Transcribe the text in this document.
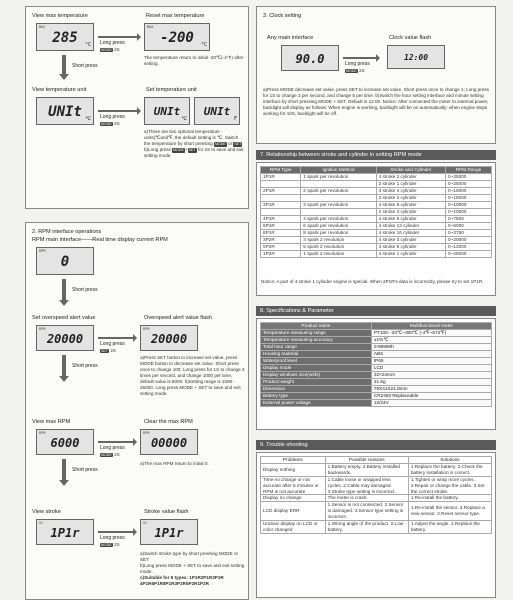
View max temperature	Reset max temperature
MAX
285	°C Long press
MODE 2S
MAX
-200	°C
The temperature return to initial -20℃(-4°F) after setting.
Short press
View temperature unit	Set temperature unit
UNIt ℃ Long press
MODE 2S
UNIt
℃
UNIt
F
a)There are two optional temperature units(℃and℉, the default setting is ℃. Switch the temperature by short pressing MODE or SET
b)Long press MODE+SET for 2S to save and exit setting mode.
2. RPM interface operations
RPM main interface——Real time display current RPM
RPM
0
Short press
Set overspeed alert value	Overspeed alert value flash
RPM
20000	Long press
SET 2S
RPM
20000
a)Press SET button to increase set value, press MODE button to decrease set value. Short press once to change 100; Long press for 1S to change 3 times per second, and change 1000 per time, default value is 6000. b)Setting range is 1000-25000. Long press MODE + SET to save and exit setting mode.
Short press
View max RPM	Clear the max RPM
RPM
6000	Long press
MODE 2S
RPM
00000
a)The max RPM return to initial 0.
Short press
View stroke	Stroke value flash
St
1P1r	Long press
MODE 2S
St
1P1r
a)Switch stroke type by short pressing MODE or SET
b)Long press MODE + SET to save and exit setting mode.
c)Suitable for 9 types: 1P1R2P1R3P1R 4P1R6P1R8P1R3P2R5P2R1P2R
3. Clock setting
Any main interface	Clock value flash
90.0	Long press
MODE 2S
12:00
a)Press MODE decrease set value, press SET to increase set value. Short press once to change 1; Long press for 1S to change 3 per second, and change 5 per time. b)Switch the hour setting interface and minute setting interface by short pressing MODE + SET. Default is 12:00. Notice: After connected the meter to external power, backlight will display as follows: When engine is working, backlight will be on automatically; when engine stops working for 10S, backlight will be off.
7. Relationship between stroke and cylinder in setting RPM mode
RPM Type	Ignition Method	Stroke and Cylinder	RPM Range
1P1R	1 spark per revolution	4 stroke 2 cylinder	0~25000
		2 stroke 1 cylinder	0~25000
2P1R	2 spark per revolution	4 stroke 4 cylinder	0~15000
		2 stroke 2 cylinder	0~15000
3P1R	3 spark per revolution	4 stroke 6 cylinder	0~10000
		2 stroke 3 cylinder	0~10000
4P1R	4 spark per revolution	4 stroke 8 cylinder	0~7500
6P1R	6 spark per revolution	4 stroke 12 cylinder	0~5000
8P1R	8 spark per revolution	4 stroke 16 cylinder	0~3750
3P2R	3 spark 2 revolution	4 stroke 3 cylinder	0~20000
5P2R	5 spark 2 revolution	4 stroke 5 cylinder	0~12000
1P2R	1 spark 2 revolution	4 stroke 1 cylinder	0~25000
Notice: A part of 4 stroke 1 cylinder engine is special. When 2P1R's data is incorrectly, please try to set 1P1R.
8. Specifications & Parameter
Product name	Multifunctional meter
Temperature measuring range	PT100: -20℃~300℃ (-4℉~572℉)
Temperature measuring accuracy	±1%℃
Total hour range	0-99999h
Housing material	ABS
Waterproof level	IP65
Display mode	LCD
Display windows size(w/dx)	32×24mm
Product weight	21.6g
Dimension	79X41X21.8mm
Battery type	CR2450 Replaceable
External power voltage	12/24V
9. Trouble shooting
Problems	Possible reasons	Solutions
Display nothing	1.Battery empty. 2.Battery installed backwards.	1.Replace the battery. 2.Check the battery installation is correct.
Time no change or not accurate after 8 minutes or RPM is not accurate	1.Cable loose or wrapped less cycles. 2.Cable may damaged. 3.Stroke type setting is incorrect.	1.Tighten or wrap more cycles. 2.Repair or change the cable. 3.Set the correct stroke.
Display no change	The meter is crash.	1.Re-install the battery.
LCD display ERR	1.Sensor is not connected. 2.Sensor is damaged. 3.Sensor type setting is incorrect.	1.Re-install the sensor. 2.Replace a new sensor. 3.Reset sensor type.
Unclear display on LCD or color changed	1.Wrong angle of the product. 2.Low battery.	1.Adjust the angle. 2.Replace the battery.
